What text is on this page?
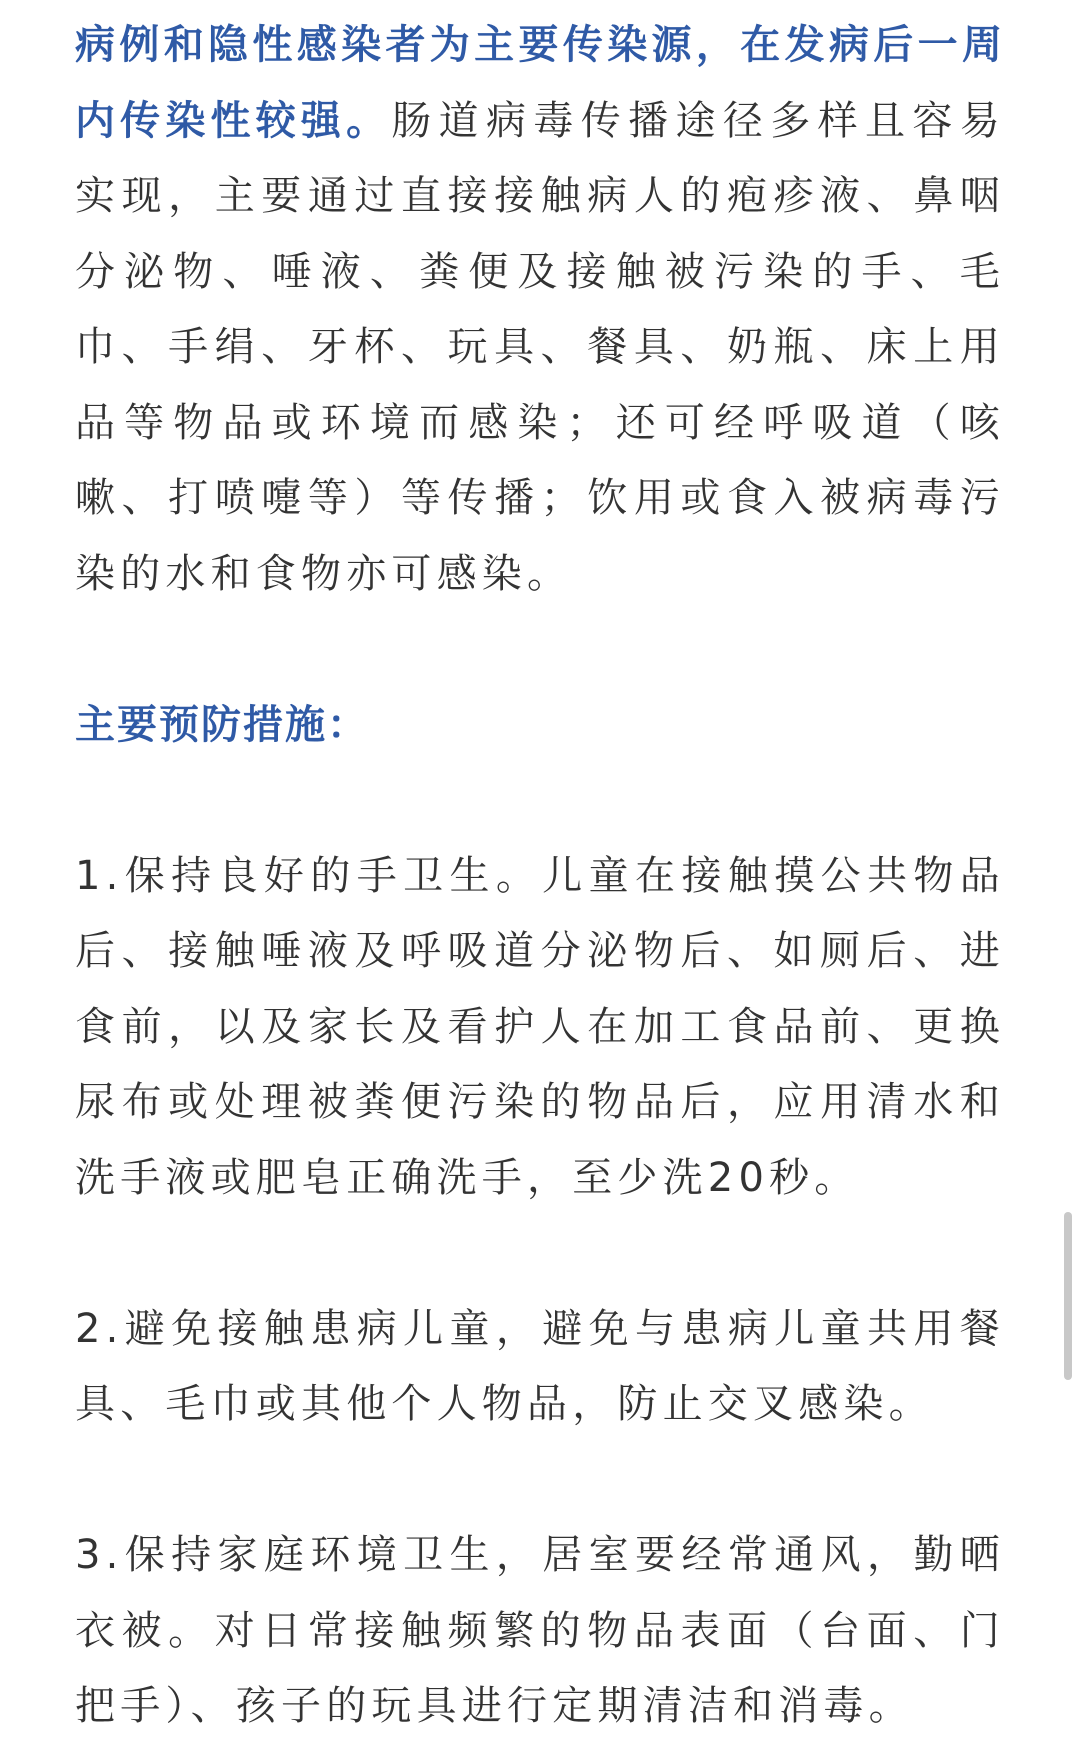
病例和隐性感染者为主要传染源，在发病后一周内传染性较强。肠道病毒传播途径多样且容易实现，主要通过直接接触病人的疱疹液、鼻咽分泌物、唾液、粪便及接触被污染的手、毛巾、手绢、牙杯、玩具、餐具、奶瓶、床上用品等物品或环境而感染；还可经呼吸道（咳嗽、打喷嚏等）等传播；饮用或食入被病毒污染的水和食物亦可感染。

主要预防措施：

1.保持良好的手卫生。儿童在接触摸公共物品后、接触唾液及呼吸道分泌物后、如厕后、进食前，以及家长及看护人在加工食品前、更换尿布或处理被粪便污染的物品后，应用清水和洗手液或肥皂正确洗手，至少洗20秒。

2.避免接触患病儿童，避免与患病儿童共用餐具、毛巾或其他个人物品，防止交叉感染。

3.保持家庭环境卫生，居室要经常通风，勤晒衣被。对日常接触频繁的物品表面（台面、门把手）、孩子的玩具进行定期清洁和消毒。
